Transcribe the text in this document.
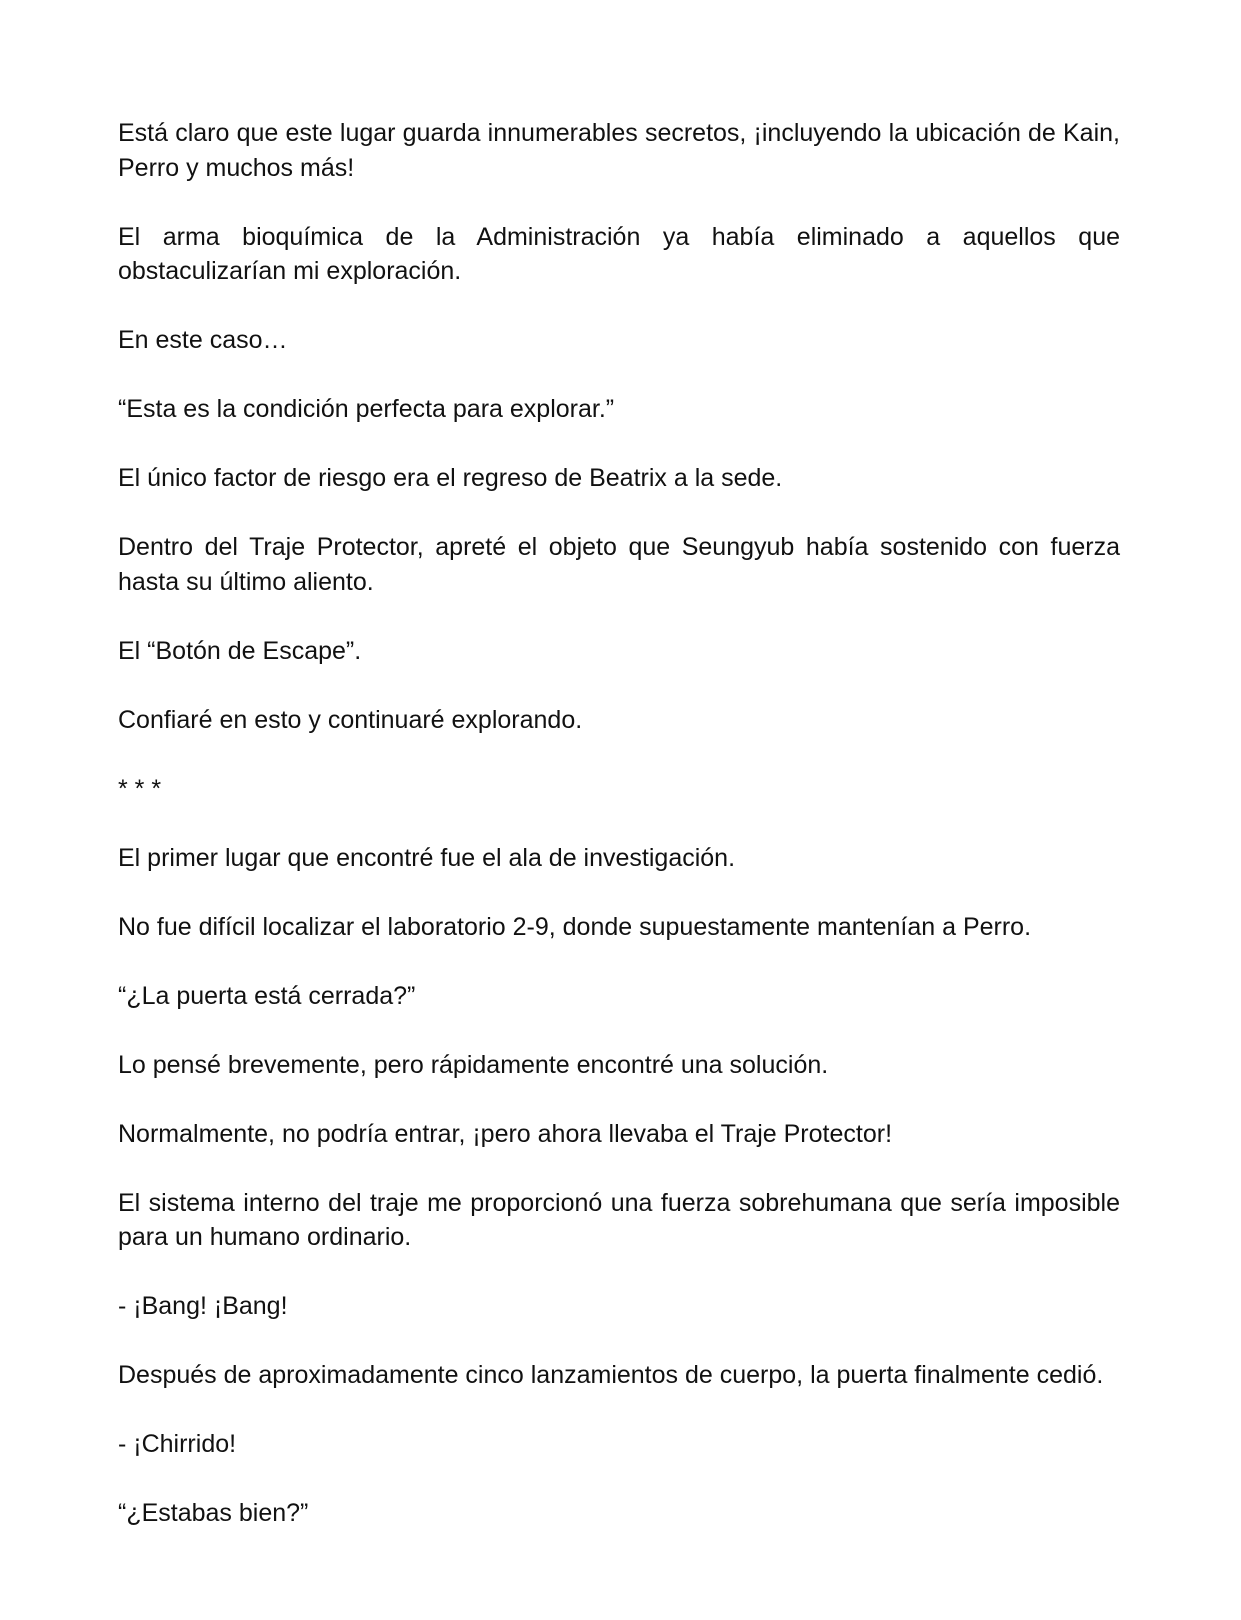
Está claro que este lugar guarda innumerables secretos, ¡incluyendo la ubicación de Kain, Perro y muchos más!

El arma bioquímica de la Administración ya había eliminado a aquellos que obstaculizarían mi exploración.

En este caso…

“Esta es la condición perfecta para explorar.”

El único factor de riesgo era el regreso de Beatrix a la sede.

Dentro del Traje Protector, apreté el objeto que Seungyub había sostenido con fuerza hasta su último aliento.

El “Botón de Escape”.

Confiaré en esto y continuaré explorando.

* * *

El primer lugar que encontré fue el ala de investigación.

No fue difícil localizar el laboratorio 2-9, donde supuestamente mantenían a Perro.

“¿La puerta está cerrada?”

Lo pensé brevemente, pero rápidamente encontré una solución.

Normalmente, no podría entrar, ¡pero ahora llevaba el Traje Protector!

El sistema interno del traje me proporcionó una fuerza sobrehumana que sería imposible para un humano ordinario.

- ¡Bang! ¡Bang!

Después de aproximadamente cinco lanzamientos de cuerpo, la puerta finalmente cedió.

- ¡Chirrido!

“¿Estabas bien?”
